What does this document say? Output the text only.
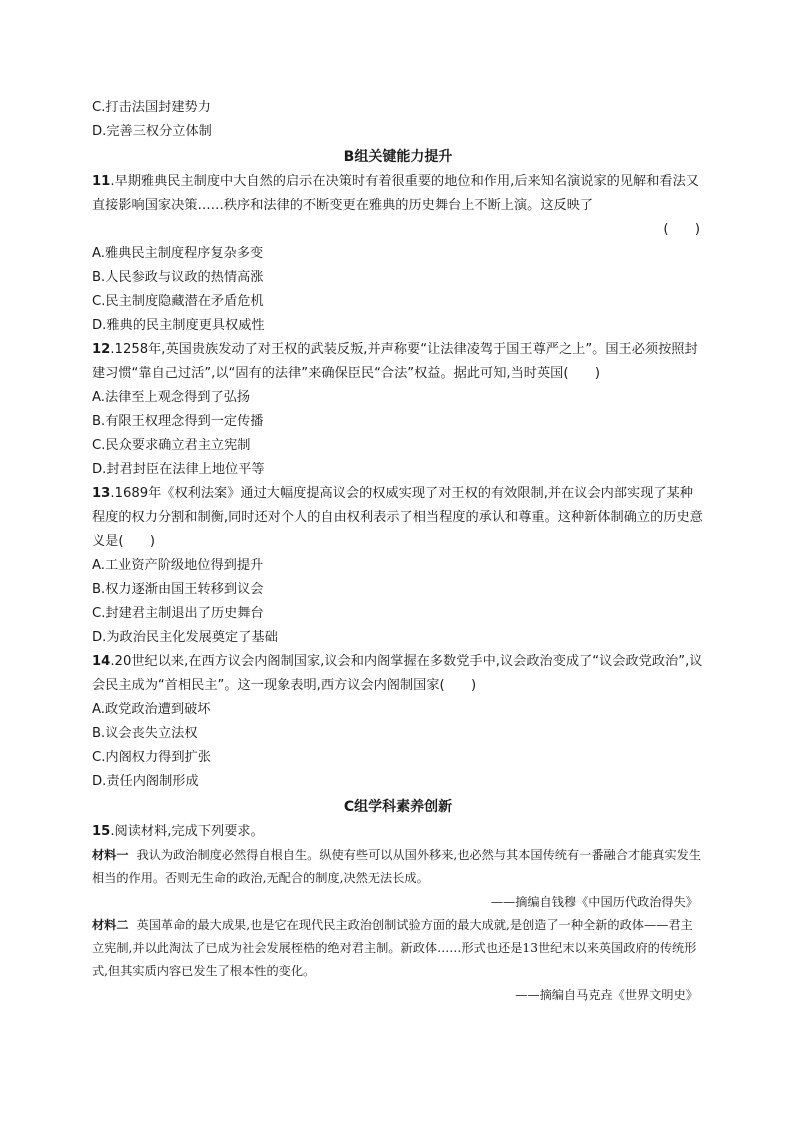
C.打击法国封建势力
D.完善三权分立体制
B组关键能力提升
11.早期雅典民主制度中大自然的启示在决策时有着很重要的地位和作用,后来知名演说家的见解和看法又直接影响国家决策……秩序和法律的不断变更在雅典的历史舞台上不断上演。这反映了
(　　)
A.雅典民主制度程序复杂多变
B.人民参政与议政的热情高涨
C.民主制度隐藏潜在矛盾危机
D.雅典的民主制度更具权威性
12.1258年,英国贵族发动了对王权的武装反叛,并声称要“让法律凌驾于国王尊严之上”。国王必须按照封建习惯“靠自己过活”,以“固有的法律”来确保臣民“合法”权益。据此可知,当时英国(　　)
A.法律至上观念得到了弘扬
B.有限王权理念得到一定传播
C.民众要求确立君主立宪制
D.封君封臣在法律上地位平等
13.1689年《权利法案》通过大幅度提高议会的权威实现了对王权的有效限制,并在议会内部实现了某种程度的权力分割和制衡,同时还对个人的自由权利表示了相当程度的承认和尊重。这种新体制确立的历史意义是(　　)
A.工业资产阶级地位得到提升
B.权力逐渐由国王转移到议会
C.封建君主制退出了历史舞台
D.为政治民主化发展奠定了基础
14.20世纪以来,在西方议会内阁制国家,议会和内阁掌握在多数党手中,议会政治变成了“议会政党政治”,议会民主成为“首相民主”。这一现象表明,西方议会内阁制国家(　　)
A.政党政治遭到破坏
B.议会丧失立法权
C.内阁权力得到扩张
D.责任内阁制形成
C组学科素养创新
15.阅读材料,完成下列要求。
材料一 我认为政治制度必然得自根自生。纵使有些可以从国外移来,也必然与其本国传统有一番融合才能真实发生相当的作用。否则无生命的政治,无配合的制度,决然无法长成。
——摘编自钱穆《中国历代政治得失》
材料二 英国革命的最大成果,也是它在现代民主政治创制试验方面的最大成就,是创造了一种全新的政体——君主立宪制,并以此淘汰了已成为社会发展桎梏的绝对君主制。新政体……形式也还是13世纪末以来英国政府的传统形式,但其实质内容已发生了根本性的变化。
——摘编自马克垚《世界文明史》
